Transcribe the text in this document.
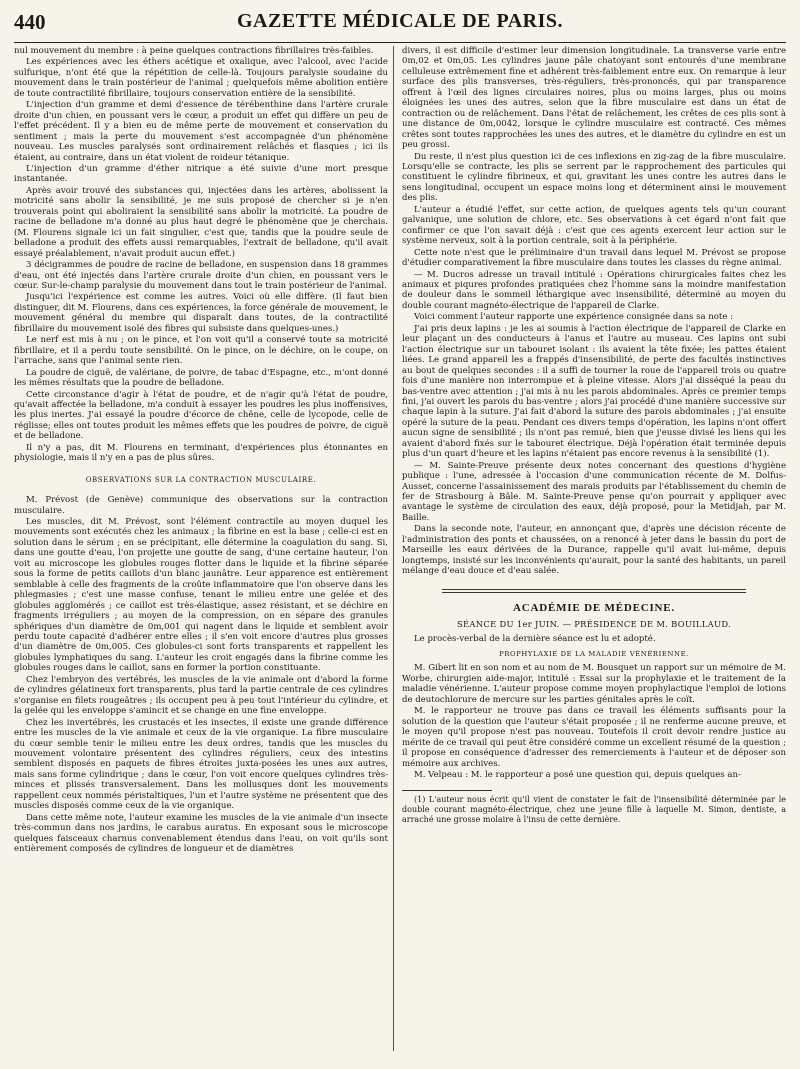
440	GAZETTE MÉDICALE DE PARIS.

nul mouvement du membre : à peine quelques contractions fibrillaires très-faibles.

Les expériences avec les éthers acétique et oxalique, avec l'alcool, avec l'acide sulfurique, n'ont été que la répétition de celle-là. Toujours paralysie soudaine du mouvement dans le train postérieur de l'animal ; quelquefois même abolition entière de toute contractilité fibrillaire, toujours conservation entière de la sensibilité.

L'injection d'un gramme et demi d'essence de térébenthine dans l'artère crurale droite d'un chien, en poussant vers le cœur, a produit un effet qui diffère un peu de l'effet précédent. Il y a bien eu de même perte de mouvement et conservation du sentiment ; mais la perte du mouvement s'est accompagnée d'un phénomène nouveau. Les muscles paralysés sont ordinairement relâchés et flasques ; ici ils étaient, au contraire, dans un état violent de roideur tétanique.

L'injection d'un gramme d'éther nitrique a été suivie d'une mort presque instantanée.

Après avoir trouvé des substances qui, injectées dans les artères, abolissent la motricité sans abolir la sensibilité, je me suis proposé de chercher si je n'en trouverais point qui aboliraient la sensibilité sans abolir la motricité. La poudre de racine de belladone m'a donné au plus haut degré le phénomène que je cherchais. (M. Flourens signale ici un fait singulier, c'est que, tandis que la poudre seule de belladone a produit des effets aussi remarquables, l'extrait de belladone, qu'il avait essayé préalablement, n'avait produit aucun effet.)

3 décigrammes de poudre de racine de belladone, en suspension dans 18 grammes d'eau, ont été injectés dans l'artère crurale droite d'un chien, en poussant vers le cœur. Sur-le-champ paralysie du mouvement dans tout le train postérieur de l'animal.

Jusqu'ici l'expérience est comme les autres. Voici où elle diffère. (Il faut bien distinguer, dit M. Flourens, dans ces expériences, la force générale de mouvement, le mouvement général du membre qui disparaît dans toutes, de la contractilité fibrillaire du mouvement isolé des fibres qui subsiste dans quelques-unes.)

Le nerf est mis à nu ; on le pince, et l'on voit qu'il a conservé toute sa motricité fibrillaire, et il a perdu toute sensibilité. On le pince, on le déchire, on le coupe, on l'arrache, sans que l'animal sente rien.

La poudre de ciguë, de valériane, de poivre, de tabac d'Espagne, etc., m'ont donné les mêmes résultats que la poudre de belladone.

Cette circonstance d'agir à l'état de poudre, et de n'agir qu'à l'état de poudre, qu'avait affectée la belladone, m'a conduit à essayer les poudres les plus inoffensives, les plus inertes. J'ai essayé la poudre d'écorce de chêne, celle de lycopode, celle de réglisse; elles ont toutes produit les mêmes effets que les poudres de poivre, de ciguë et de belladone.

Il n'y a pas, dit M. Flourens en terminant, d'expériences plus étonnantes en physiologie, mais il n'y en a pas de plus sûres.

OBSERVATIONS SUR LA CONTRACTION MUSCULAIRE.

M. Prévost (de Genève) communique des observations sur la contraction musculaire.

Les muscles, dit M. Prévost, sont l'élément contractile au moyen duquel les mouvements sont exécutés chez les animaux ; la fibrine en est la base ; celle-ci est en solution dans le sérum ; en se précipitant, elle détermine la coagulation du sang. Si, dans une goutte d'eau, l'on projette une goutte de sang, d'une certaine hauteur, l'on voit au microscope les globules rouges flotter dans le liquide et la fibrine séparée sous la forme de petits caillots d'un blanc jaunâtre. Leur apparence est entièrement semblable à celle des fragments de la croûte inflammatoire que l'on observe dans les phlegmasies ; c'est une masse confuse, tenant le milieu entre une gelée et des globules agglomérés ; ce caillot est très-élastique, assez résistant, et se déchire en fragments irréguliers ; au moyen de la compression, on en sépare des granules sphériques d'un diamètre de 0m,001 qui nagent dans le liquide et semblent avoir perdu toute capacité d'adhérer entre elles ; il s'en voit encore d'autres plus grosses d'un diamètre de 0m,005. Ces globules-ci sont forts transparents et rappellent les globules lymphatiques du sang. L'auteur les croit engagés dans la fibrine comme les globules rouges dans le caillot, sans en former la portion constituante.

Chez l'embryon des vertébrés, les muscles de la vie animale ont d'abord la forme de cylindres gélatineux fort transparents, plus tard la partie centrale de ces cylindres s'organise en filets rougeâtres ; ils occupent peu à peu tout l'intérieur du cylindre, et la gelée qui les enveloppe s'amincit et se change en une fine enveloppe.

Chez les invertébrés, les crustacés et les insectes, il existe une grande différence entre les muscles de la vie animale et ceux de la vie organique. La fibre musculaire du cœur semble tenir le milieu entre les deux ordres, tandis que les muscles du mouvement volontaire présentent des cylindres réguliers, ceux des intestins semblent disposés en paquets de fibres étroites juxta-posées les unes aux autres, mais sans forme cylindrique ; dans le cœur, l'on voit encore quelques cylindres très-minces et plissés transversalement. Dans les mollusques dont les mouvements rappellent ceux nommés péristaltiques, l'un et l'autre système ne présentent que des muscles disposés comme ceux de la vie organique.

Dans cette même note, l'auteur examine les muscles de la vie animale d'un insecte très-commun dans nos jardins, le carabus auratus. En exposant sous le microscope quelques faisceaux charnus convenablement étendus dans l'eau, on voit qu'ils sont entièrement composés de cylindres de longueur et de diamètres

divers, il est difficile d'estimer leur dimension longitudinale. La transverse varie entre 0m,02 et 0m,05. Les cylindres jaune pâle chatoyant sont entourés d'une membrane celluleuse extrêmement fine et adhérent très-faiblement entre eux. On remarque à leur surface des plis transverses, très-réguliers, très-prononcés, qui par transparence offrent à l'œil des lignes circulaires noires, plus ou moins larges, plus ou moins éloignées les unes des autres, selon que la fibre musculaire est dans un état de contraction ou de relâchement. Dans l'état de relâchement, les crêtes de ces plis sont à une distance de 0m,0042, lorsque le cylindre musculaire est contracté. Ces mêmes crêtes sont toutes rapprochées les unes des autres, et le diamètre du cylindre en est un peu grossi.

Du reste, il n'est plus question ici de ces inflexions en zig-zag de la fibre musculaire. Lorsqu'elle se contracte, les plis se serrent par le rapprochement des particules qui constituent le cylindre fibrineux, et qui, gravitant les unes contre les autres dans le sens longitudinal, occupent un espace moins long et déterminent ainsi le mouvement des plis.

L'auteur a étudié l'effet, sur cette action, de quelques agents tels qu'un courant galvanique, une solution de chlore, etc. Ses observations à cet égard n'ont fait que confirmer ce que l'on savait déjà : c'est que ces agents exercent leur action sur le système nerveux, soit à la portion centrale, soit à la périphérie.

Cette note n'est que le préliminaire d'un travail dans lequel M. Prévost se propose d'étudier comparativement la fibre musculaire dans toutes les classes du règne animal.

— M. Ducros adresse un travail intitulé : Opérations chirurgicales faites chez les animaux et piqures profondes pratiquées chez l'homme sans la moindre manifestation de douleur dans le sommeil léthargique avec insensibilité, déterminé au moyen du double courant magnéto-électrique de l'appareil de Clarke.

Voici comment l'auteur rapporte une expérience consignée dans sa note :

J'ai pris deux lapins : je les ai soumis à l'action électrique de l'appareil de Clarke en leur plaçant un des conducteurs à l'anus et l'autre au museau. Ces lapins ont subi l'action électrique sur un tabouret isolant : ils avaient la tête fixée; les pattes étaient liées. Le grand appareil les a frappés d'insensibilité, de perte des facultés instinctives au bout de quelques secondes : il a suffi de tourner la roue de l'appareil trois ou quatre fois d'une manière non interrompue et à pleine vitesse. Alors j'ai disséqué la peau du bas-ventre avec attention ; j'ai mis à nu les parois abdominales. Après ce premier temps fini, j'ai ouvert les parois du bas-ventre ; alors j'ai procédé d'une manière successive sur chaque lapin à la suture. J'ai fait d'abord la suture des parois abdominales ; j'ai ensuite opéré la suture de la peau. Pendant ces divers temps d'opération, les lapins n'ont offert aucun signe de sensibilité ; ils n'ont pas remué, bien que j'eusse divisé les liens qui les avaient d'abord fixés sur le tabouret électrique. Déjà l'opération était terminée depuis plus d'un quart d'heure et les lapins n'étaient pas encore revenus à la sensibilité (1).

— M. Sainte-Preuve présente deux notes concernant des questions d'hygiène publique : l'une, adressée à l'occasion d'une communication récente de M. Dolfus-Ausset, concerne l'assainissement des marais produits par l'établissement du chemin de fer de Strasbourg à Bâle. M. Sainte-Preuve pense qu'on pourrait y appliquer avec avantage le système de circulation des eaux, déjà proposé, pour la Metidjah, par M. Baille.

Dans la seconde note, l'auteur, en annonçant que, d'après une décision récente de l'administration des ponts et chaussées, on a renoncé à jeter dans le bassin du port de Marseille les eaux dérivées de la Durance, rappelle qu'il avait lui-même, depuis longtemps, insisté sur les inconvénients qu'aurait, pour la santé des habitants, un pareil mélange d'eau douce et d'eau salée.

ACADÉMIE DE MÉDECINE.
SÉANCE DU 1er JUIN. — PRÉSIDENCE DE M. BOUILLAUD.

Le procès-verbal de la dernière séance est lu et adopté.

PROPHYLAXIE DE LA MALADIE VÉNÉRIENNE.

M. Gibert lit en son nom et au nom de M. Bousquet un rapport sur un mémoire de M. Worbe, chirurgien aide-major, intitulé : Essai sur la prophylaxie et le traitement de la maladie vénérienne. L'auteur propose comme moyen prophylactique l'emploi de lotions de deutochlorure de mercure sur les parties génitales après le coït.

M. le rapporteur ne trouve pas dans ce travail les éléments suffisants pour la solution de la question que l'auteur s'était proposée ; il ne renferme aucune preuve, et le moyen qu'il propose n'est pas nouveau. Toutefois il croit devoir rendre justice au mérite de ce travail qui peut être considéré comme un excellent résumé de la question ; il propose en conséquence d'adresser des remerciements à l'auteur et de déposer son mémoire aux archives.

M. Velpeau : M. le rapporteur a posé une question qui, depuis quelques an-

(1) L'auteur nous écrit qu'il vient de constater le fait de l'insensibilité déterminée par le double courant magnéto-électrique, chez une jeune fille à laquelle M. Simon, dentiste, a arraché une grosse molaire à l'insu de cette dernière.
